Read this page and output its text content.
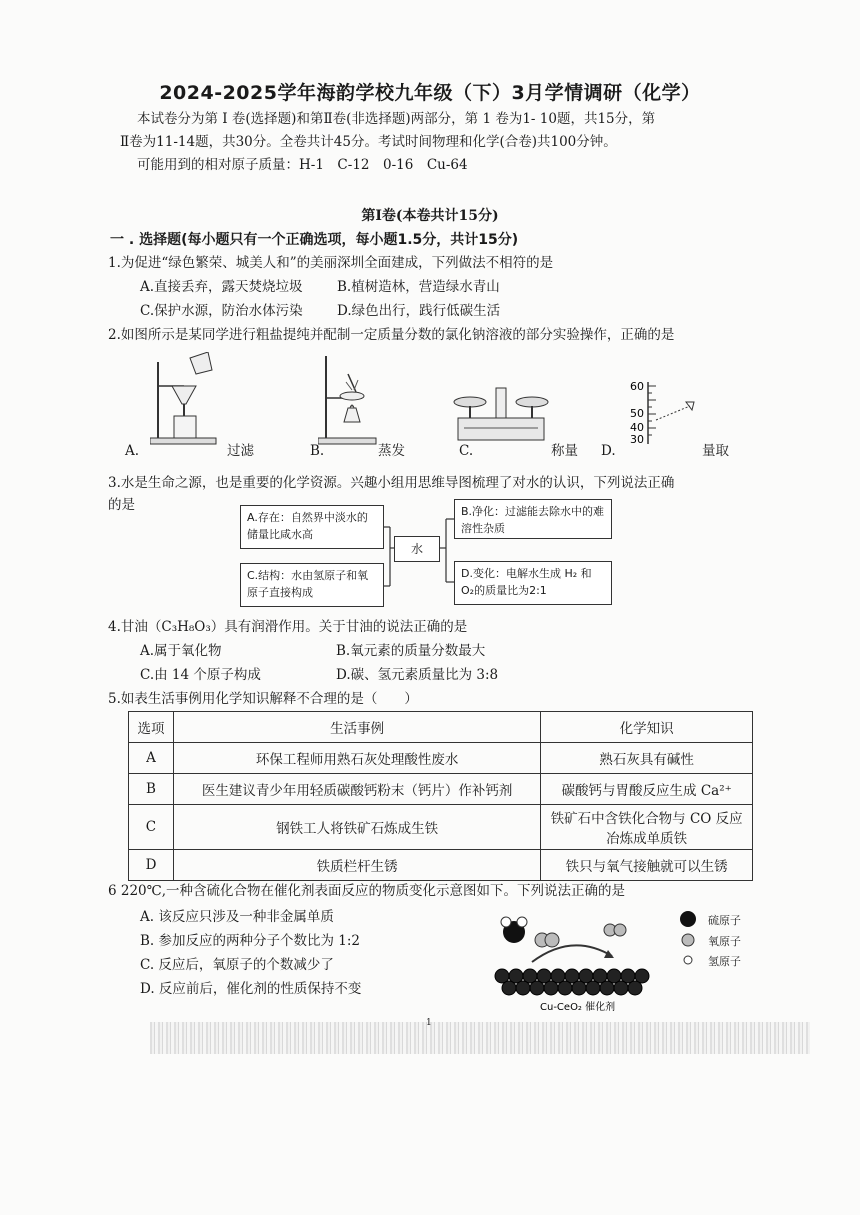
2024-2025学年海韵学校九年级（下）3月学情调研（化学）
本试卷分为第 Ⅰ 卷(选择题)和第Ⅱ卷(非选择题)两部分，第 1 卷为1- 10题，共15分，第
Ⅱ卷为11-14题，共30分。全卷共计45分。考试时间物理和化学(合卷)共100分钟。
可能用到的相对原子质量：H-1　C-12　0-16　Cu-64
第Ⅰ卷(本卷共计15分)
一 . 选择题(每小题只有一个正确选项，每小题1.5分，共计15分)
1.为促进“绿色繁荣、城美人和”的美丽深圳全面建成，下列做法不相符的是
A.直接丢弃，露天焚烧垃圾	B.植树造林，营造绿水青山
C.保护水源，防治水体污染	D.绿色出行，践行低碳生活
2.如图所示是某同学进行粗盐提纯并配制一定质量分数的氯化钠溶液的部分实验操作，正确的是
A.	过滤	B.	蒸发	C.	称量
60
50
40
30
D.	量取
3.水是生命之源，也是重要的化学资源。兴趣小组用思维导图梳理了对水的认识，下列说法正确
的是
A.存在：自然界中淡水的储量比咸水高
B.净化：过滤能去除水中的难溶性杂质
水
C.结构：水由氢原子和氧原子直接构成
D.变化：电解水生成 H₂ 和 O₂的质量比为2:1
4.甘油（C₃H₈O₃）具有润滑作用。关于甘油的说法正确的是
A.属于氧化物	B.氧元素的质量分数最大
C.由 14 个原子构成	D.碳、氢元素质量比为 3:8
5.如表生活事例用化学知识解释不合理的是（　　）
选项	生活事例	化学知识
A	环保工程师用熟石灰处理酸性废水	熟石灰具有碱性
B	医生建议青少年用轻质碳酸钙粉末（钙片）作补钙剂	碳酸钙与胃酸反应生成 Ca²⁺
C	钢铁工人将铁矿石炼成生铁	铁矿石中含铁化合物与 CO 反应冶炼成单质铁
D	铁质栏杆生锈	铁只与氧气接触就可以生锈
6 220℃,一种含硫化合物在催化剂表面反应的物质变化示意图如下。下列说法正确的是
A. 该反应只涉及一种非金属单质
B. 参加反应的两种分子个数比为 1:2
C. 反应后，氧原子的个数减少了
D. 反应前后，催化剂的性质保持不变
Cu-CeO₂ 催化剂
硫原子
氧原子
氢原子
1
